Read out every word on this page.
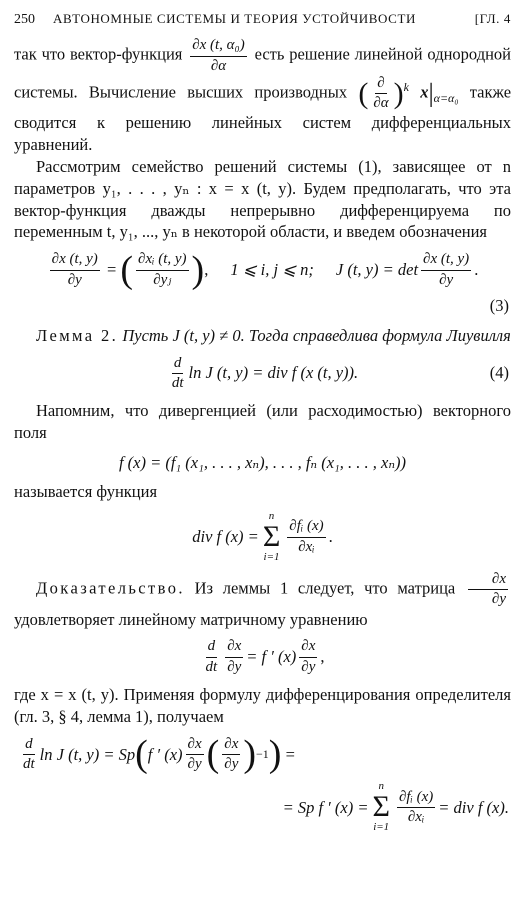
250 АВТОНОМНЫЕ СИСТЕМЫ И ТЕОРИЯ УСТОЙЧИВОСТИ	[ГЛ. 4

так что вектор-функция $\frac{\text{∂x (t, α₀)}}{\partial\alpha}$ есть решение линейной однородной системы. Вычисление высших производных ( $\frac{\partial}{\partial\alpha} )^k$ $x|_{\alpha=\alpha_0}$ также сводится к решению линейных систем дифференциальных уравнений.

Рассмотрим семейство решений системы (1), зависящее от n параметров y₁, . . . , yₙ : x = x (t, y). Будем предполагать, что эта вектор-функция дважды непрерывно дифференцируема по переменным t, y₁, ..., yₙ в некоторой области, и введем обозначения

$\frac{\partial x (t, y)}{\partial y}$ = ( $\frac{\text{∂xᵢ (t, y)}}{\text{∂yⱼ}}$ ) , 1 ⩽ i, j ⩽ n; J (t, $y) = \det \frac{\partial x (t, y)}{\partial y}$ .
(3)

Лемма 2. Пусть J (t, y) ≠ 0. Тогда справедлива формула Лиувилля

$\frac{d}{dt}$ ln J (t, y) = div f (x (t, y)).	(4)

Напомним, что дивергенцией (или расходимостью) векторного поля

f (x) = (f₁ (x₁, . . . , xₙ), . . . , fₙ (x₁, . . . , xₙ))

называется функция

div f (x) =
n
Σ
i=1
$\frac{\text{∂fᵢ (x)}}{\text{∂xᵢ}}$ .

Доказательство. Из леммы 1 следует, что матрица $\frac{\partial x}{\partial y}$
удовлетворяет линейному матричному уравнению

$\frac{d}{dt} \frac{\partial x}{\partial y} = f$ ′ $(x) \frac{\partial x}{\partial y}$ ,

где x = x (t, y). Применяя формулу дифференцирования определителя (гл. 3, § 4, лемма 1), получаем

$\frac{d}{dt}$ ln J (t, y) = Sp ( f ′ $(x) \frac{\partial x}{\partial y}$ ( $\frac{\partial x}{\partial y}$ ) −1 )
=
= Sp f ′ (x) =
n
Σ
i=1
$\frac{\text{∂fᵢ (x)}}{\text{∂xᵢ}}$ = div f (x).
